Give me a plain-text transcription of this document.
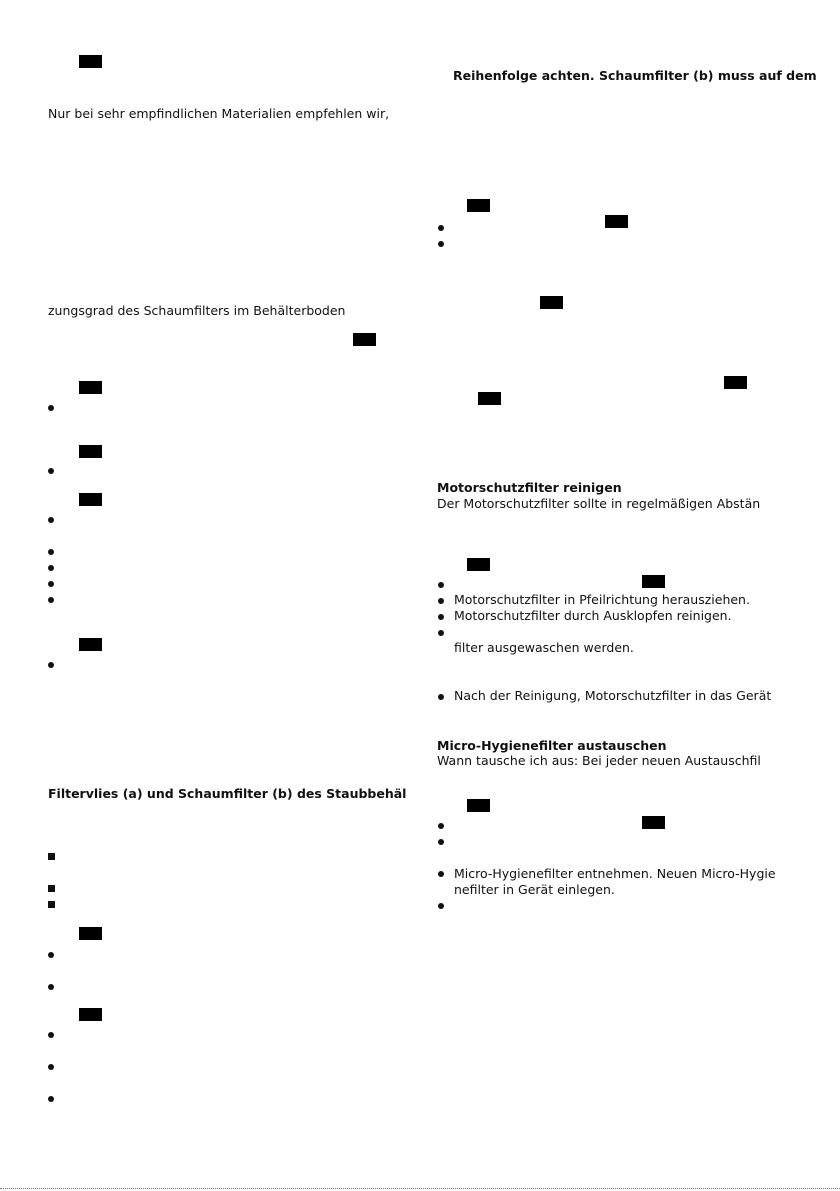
Nur bei sehr empfindlichen Materialien empfehlen wir,
zungsgrad des Schaumfilters im Behälterboden
Filtervlies (a) und Schaumfilter (b) des Staubbehäl
Reihenfolge achten. Schaumfilter (b) muss auf dem
Motorschutzfilter reinigen
Der Motorschutzfilter sollte in regelmäßigen Abstän
Motorschutzfilter in Pfeilrichtung herausziehen.
Motorschutzfilter durch Ausklopfen reinigen.
filter ausgewaschen werden.
Nach der Reinigung, Motorschutzfilter in das Gerät
Micro-Hygienefilter austauschen
Wann tausche ich aus: Bei jeder neuen Austauschfil
Micro-Hygienefilter entnehmen. Neuen Micro-Hygie
nefilter in Gerät einlegen.
